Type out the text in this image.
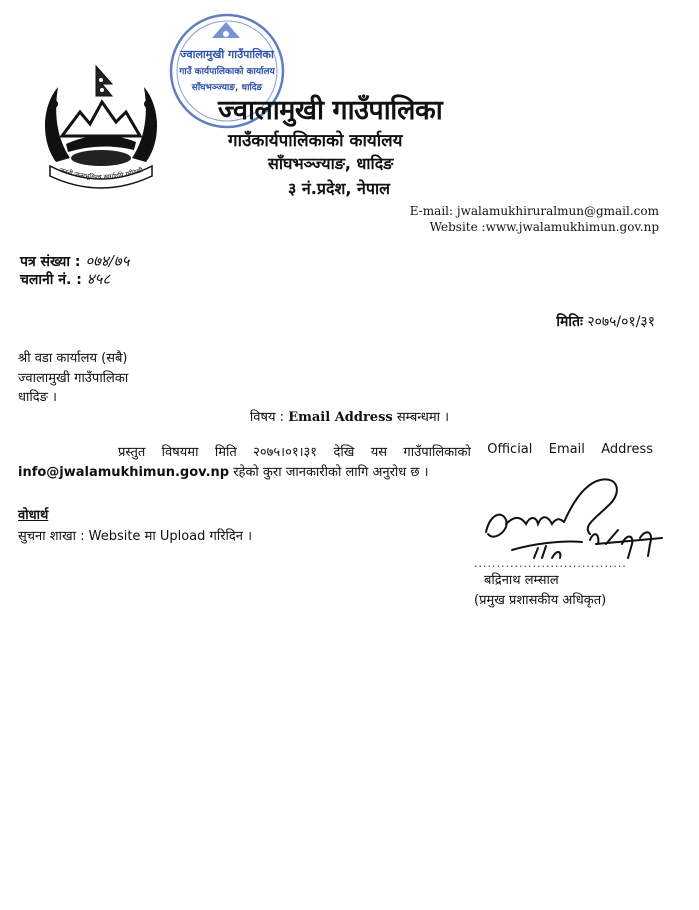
जननी जन्मभूमिश्च स्वर्गादपि गरीयसी
ज्वालामुखी गाउँपालिका
गाउँ कार्यपालिकाको कार्यालय
साँघभञ्ज्याङ, धादिङ
ज्वालामुखी गाउँपालिका
गाउँकार्यपालिकाको कार्यालय
साँघभञ्ज्याङ, धादिङ
३ नं.प्रदेश, नेपाल
E-mail: jwalamukhiruralmun@gmail.com
Website :www.jwalamukhimun.gov.np
पत्र संख्या : ०७४/७५
चलानी नं. : ४५८
मितिः २०७५/०१/३१
श्री वडा कार्यालय (सबै)
ज्वालामुखी गाउँपालिका
धादिङ ।
विषय : Email Address सम्बन्धमा ।
प्रस्तुत विषयमा मिति २०७५।०१।३१ देखि यस गाउँपालिकाको Official Email Address
info@jwalamukhimun.gov.np रहेको कुरा जानकारीको लागि अनुरोध छ ।
वोधार्थ
सुचना शाखा : Website मा Upload गरिदिन ।
..................................
बद्रिनाथ लम्साल
(प्रमुख प्रशासकीय अधिकृत)
